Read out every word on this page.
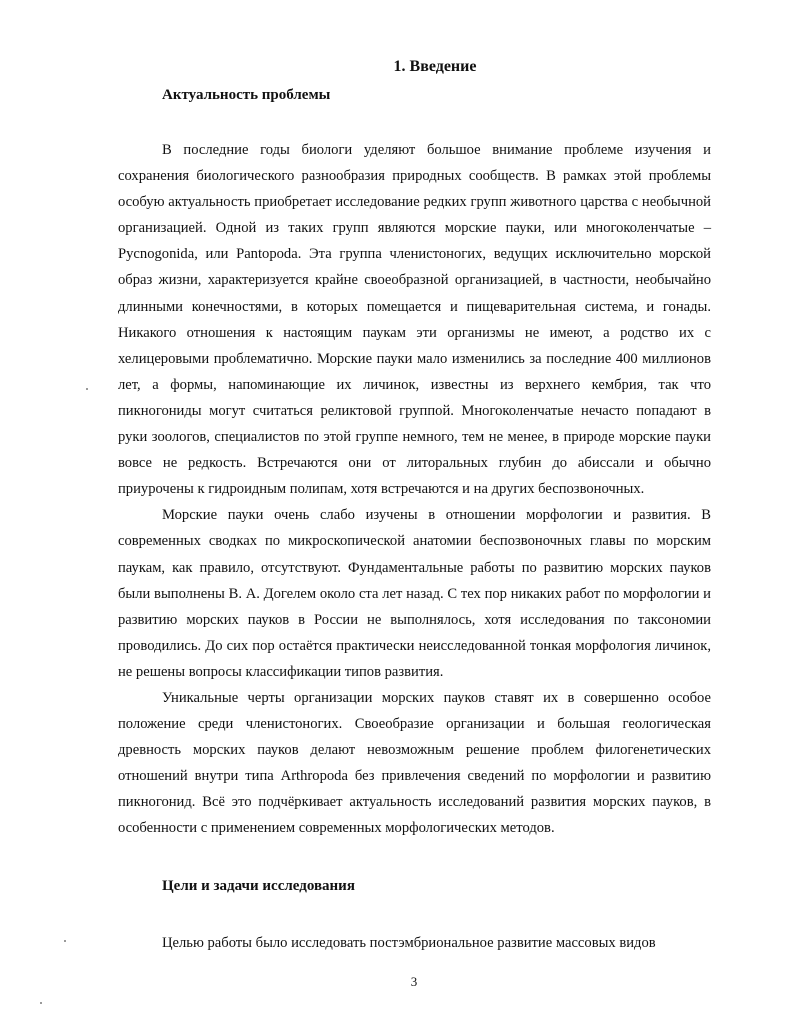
1. Введение
Актуальность проблемы

В последние годы биологи уделяют большое внимание проблеме изучения и сохранения биологического разнообразия природных сообществ. В рамках этой проблемы особую актуальность приобретает исследование редких групп животного царства с необычной организацией. Одной из таких групп являются морские пауки, или многоколенчатые – Pycnogonida, или Pantopoda. Эта группа членистоногих, ведущих исключительно морской образ жизни, характеризуется крайне своеобразной организацией, в частности, необычайно длинными конечностями, в которых помещается и пищеварительная система, и гонады. Никакого отношения к настоящим паукам эти организмы не имеют, а родство их с хелицеровыми проблематично. Морские пауки мало изменились за последние 400 миллионов лет, а формы, напоминающие их личинок, известны из верхнего кембрия, так что пикногониды могут считаться реликтовой группой. Многоколенчатые нечасто попадают в руки зоологов, специалистов по этой группе немного, тем не менее, в природе морские пауки вовсе не редкость. Встречаются они от литоральных глубин до абиссали и обычно приурочены к гидроидным полипам, хотя встречаются и на других беспозвоночных.

Морские пауки очень слабо изучены в отношении морфологии и развития. В современных сводках по микроскопической анатомии беспозвоночных главы по морским паукам, как правило, отсутствуют. Фундаментальные работы по развитию морских пауков были выполнены В. А. Догелем около ста лет назад. С тех пор никаких работ по морфологии и развитию морских пауков в России не выполнялось, хотя исследования по таксономии проводились. До сих пор остаётся практически неисследованной тонкая морфология личинок, не решены вопросы классификации типов развития.

Уникальные черты организации морских пауков ставят их в совершенно особое положение среди членистоногих. Своеобразие организации и большая геологическая древность морских пауков делают невозможным решение проблем филогенетических отношений внутри типа Arthropoda без привлечения сведений по морфологии и развитию пикногонид. Всё это подчёркивает актуальность исследований развития морских пауков, в особенности с применением современных морфологических методов.

Цели и задачи исследования

Целью работы было исследовать постэмбриональное развитие массовых видов

3
